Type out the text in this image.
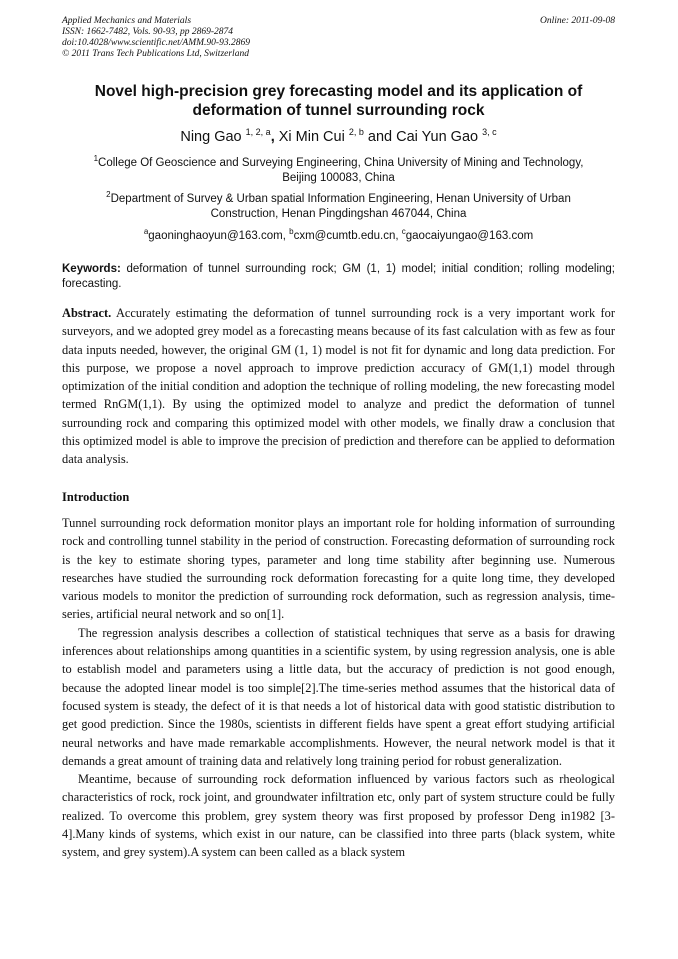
Applied Mechanics and Materials
ISSN: 1662-7482, Vols. 90-93, pp 2869-2874
doi:10.4028/www.scientific.net/AMM.90-93.2869
© 2011 Trans Tech Publications Ltd, Switzerland
Online: 2011-09-08
Novel high-precision grey forecasting model and its application of
deformation of tunnel surrounding rock
Ning Gao $^{1, 2, a}$, Xi Min Cui $^{2, b}$ and Cai Yun Gao $^{3, c}$
$^1$College Of Geoscience and Surveying Engineering, China University of Mining and Technology,
Beijing 100083, China
$^2$Department of Survey & Urban spatial Information Engineering, Henan University of Urban
Construction, Henan Pingdingshan 467044, China
$^a$gaoninghaoyun@163.com, $^b$cxm@cumtb.edu.cn, $^c$gaocaiyungao@163.com
Keywords: deformation of tunnel surrounding rock; GM (1, 1) model; initial condition; rolling modeling; forecasting.

Abstract. Accurately estimating the deformation of tunnel surrounding rock is a very important work for surveyors, and we adopted grey model as a forecasting means because of its fast calculation with as few as four data inputs needed, however, the original GM (1, 1) model is not fit for dynamic and long data prediction. For this purpose, we propose a novel approach to improve prediction accuracy of GM(1,1) model through optimization of the initial condition and adoption the technique of rolling modeling, the new forecasting model termed RnGM(1,1). By using the optimized model to analyze and predict the deformation of tunnel surrounding rock and comparing this optimized model with other models, we finally draw a conclusion that this optimized model is able to improve the precision of prediction and therefore can be applied to deformation data analysis.

Introduction

Tunnel surrounding rock deformation monitor plays an important role for holding information of surrounding rock and controlling tunnel stability in the period of construction. Forecasting deformation of surrounding rock is the key to estimate shoring types, parameter and long time stability after beginning use. Numerous researches have studied the surrounding rock deformation forecasting for a quite long time, they developed various models to monitor the prediction of surrounding rock deformation, such as regression analysis, time-series, artificial neural network and so on[1].

The regression analysis describes a collection of statistical techniques that serve as a basis for drawing inferences about relationships among quantities in a scientific system, by using regression analysis, one is able to establish model and parameters using a little data, but the accuracy of prediction is not good enough, because the adopted linear model is too simple[2].The time-series method assumes that the historical data of focused system is steady, the defect of it is that needs a lot of historical data with good statistic distribution to get good prediction. Since the 1980s, scientists in different fields have spent a great effort studying artificial neural networks and have made remarkable accomplishments. However, the neural network model is that it demands a great amount of training data and relatively long training period for robust generalization.

Meantime, because of surrounding rock deformation influenced by various factors such as rheological characteristics of rock, rock joint, and groundwater infiltration etc, only part of system structure could be fully realized. To overcome this problem, grey system theory was first proposed by professor Deng in1982 [3-4].Many kinds of systems, which exist in our nature, can be classified into three parts (black system, white system, and grey system).A system can been called as a black system
